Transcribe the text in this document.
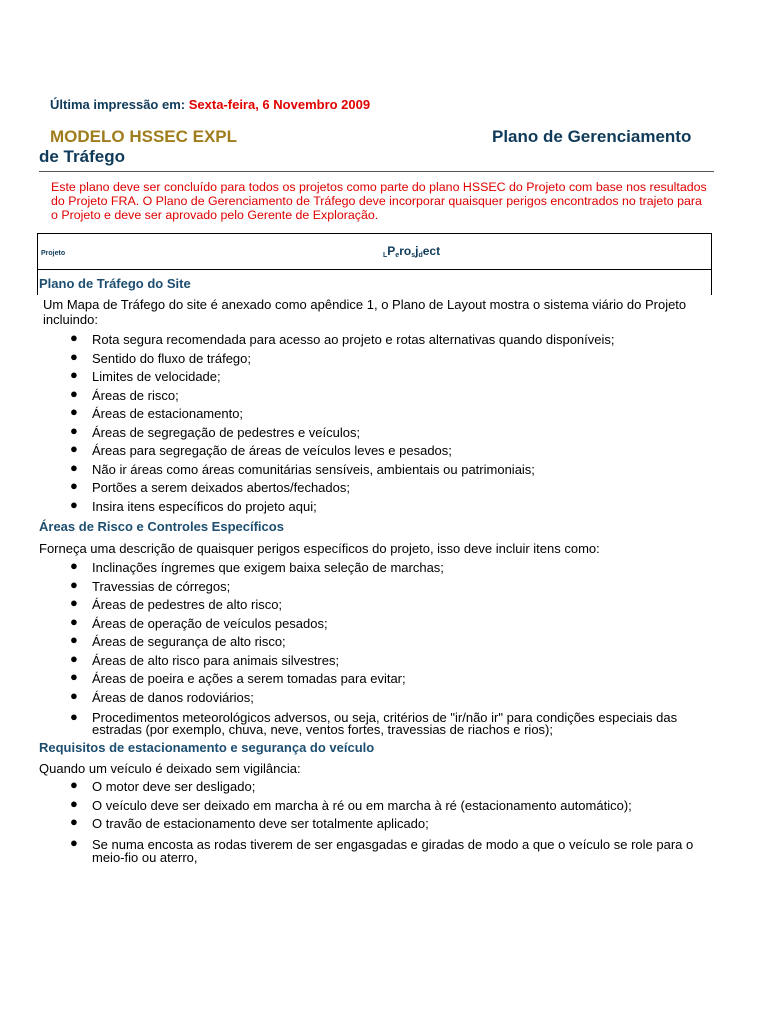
Última impressão em: Sexta-feira, 6 Novembro 2009
MODELO HSSEC EXPL	Plano de Gerenciamento
de Tráfego
Este plano deve ser concluído para todos os projetos como parte do plano HSSEC do Projeto com base nos resultados do Projeto FRA. O Plano de Gerenciamento de Tráfego deve incorporar quaisquer perigos encontrados no trajeto para o Projeto e deve ser aprovado pelo Gerente de Exploração.
Projeto	$_LP_ero_sj_dect$
Plano de Tráfego do Site
Um Mapa de Tráfego do site é anexado como apêndice 1, o Plano de Layout mostra o sistema viário do Projeto incluindo:
● Rota segura recomendada para acesso ao projeto e rotas alternativas quando disponíveis;
● Sentido do fluxo de tráfego;
● Limites de velocidade;
● Áreas de risco;
● Áreas de estacionamento;
● Áreas de segregação de pedestres e veículos;
● Áreas para segregação de áreas de veículos leves e pesados;
● Não ir áreas como áreas comunitárias sensíveis, ambientais ou patrimoniais;
● Portões a serem deixados abertos/fechados;
● Insira itens específicos do projeto aqui;
Áreas de Risco e Controles Específicos
Forneça uma descrição de quaisquer perigos específicos do projeto, isso deve incluir itens como:
● Inclinações íngremes que exigem baixa seleção de marchas;
● Travessias de córregos;
● Áreas de pedestres de alto risco;
● Áreas de operação de veículos pesados;
● Áreas de segurança de alto risco;
● Áreas de alto risco para animais silvestres;
● Áreas de poeira e ações a serem tomadas para evitar;
● Áreas de danos rodoviários;
● Procedimentos meteorológicos adversos, ou seja, critérios de "ir/não ir" para condições especiais das estradas (por exemplo, chuva, neve, ventos fortes, travessias de riachos e rios);
Requisitos de estacionamento e segurança do veículo
Quando um veículo é deixado sem vigilância:
● O motor deve ser desligado;
● O veículo deve ser deixado em marcha à ré ou em marcha à ré (estacionamento automático);
● O travão de estacionamento deve ser totalmente aplicado;
● Se numa encosta as rodas tiverem de ser engasgadas e giradas de modo a que o veículo se role para o meio-fio ou aterro,
